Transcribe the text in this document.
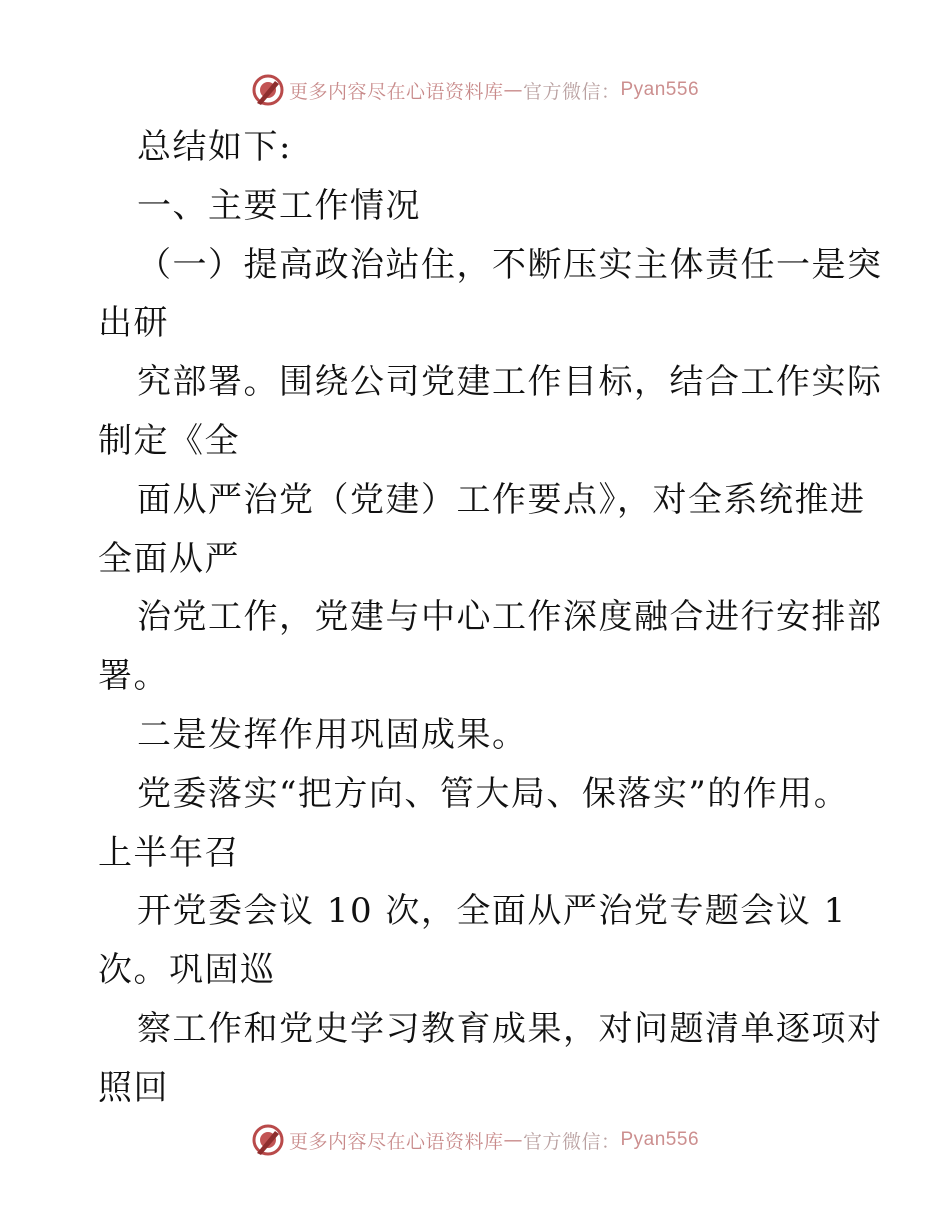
更多内容尽在心语资料库 — 官方微信： Pyan556
总结如下:
一、主要工作情况
（一）提高政治站住，不断压实主体责任一是突
出研
究部署。围绕公司党建工作目标，结合工作实际
制定《全
面从严治党（党建）工作要点》，对全系统推进
全面从严
治党工作，党建与中心工作深度融合进行安排部
署。
二是发挥作用巩固成果。
党委落实“把方向、管大局、保落实”的作用。
上半年召
开党委会议 10 次，全面从严治党专题会议 1
次。巩固巡
察工作和党史学习教育成果，对问题清单逐项对
照回
更多内容尽在心语资料库 — 官方微信： Pyan556
